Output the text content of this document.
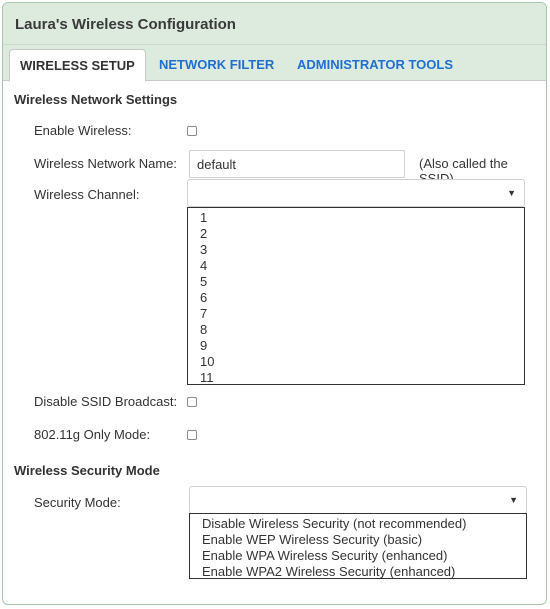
Laura's Wireless Configuration
WIRELESS SETUP	NETWORK FILTER	ADMINISTRATOR TOOLS
Wireless Network Settings
Enable Wireless:
Wireless Network Name:
default	(Also called the
Wireless Channel:	▼
1
2
3
4
5
6
7
8
9
10
11
Disable SSID Broadcast:
802.11g Only Mode:
Wireless Security Mode
Security Mode:	▼
Disable Wireless Security (not recommended)
Enable WEP Wireless Security (basic)
Enable WPA Wireless Security (enhanced)
Enable WPA2 Wireless Security (enhanced)
